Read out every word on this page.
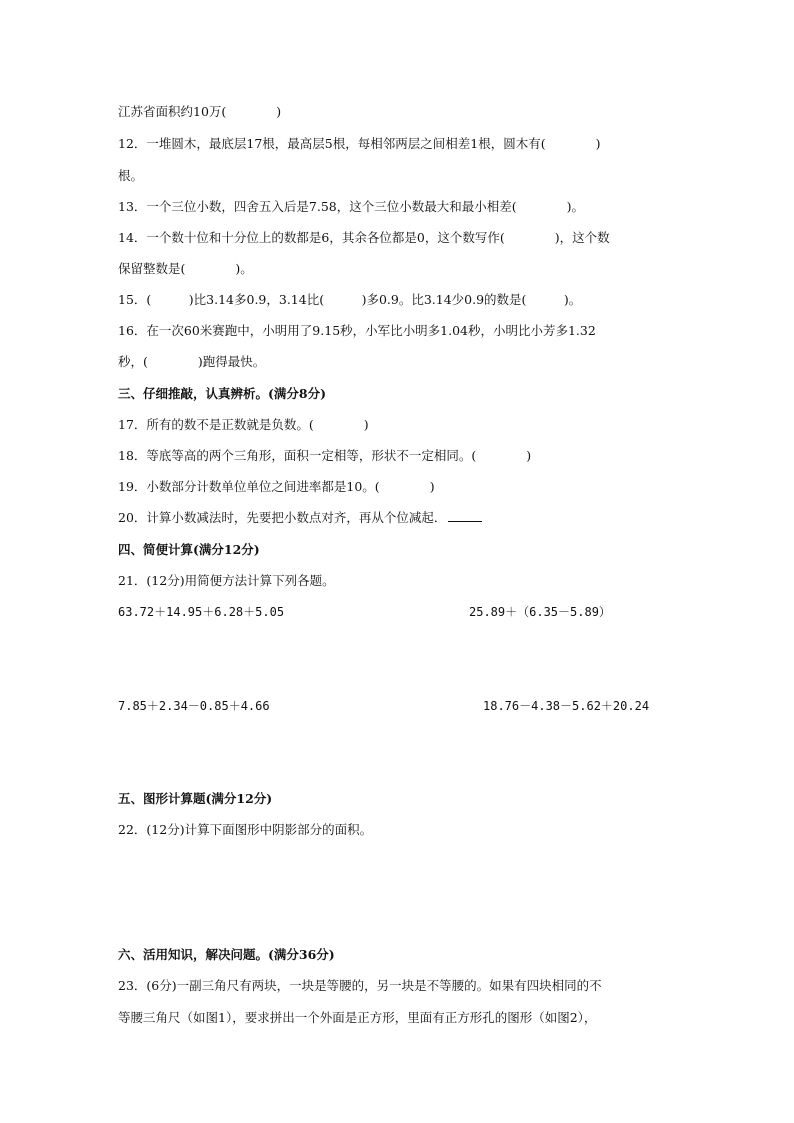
江苏省面积约10万(　　　　)
12．一堆圆木，最底层17根，最高层5根，每相邻两层之间相差1根，圆木有(　　　　)
根。
13．一个三位小数，四舍五入后是7.58，这个三位小数最大和最小相差(　　　　)。
14．一个数十位和十分位上的数都是6，其余各位都是0，这个数写作(　　　　)，这个数
保留整数是(　　　　)。
15．(　　　)比3.14多0.9，3.14比(　　　)多0.9。比3.14少0.9的数是(　　　)。
16．在一次60米赛跑中，小明用了9.15秒，小军比小明多1.04秒，小明比小芳多1.32
秒，(　　　　)跑得最快。
三、仔细推敲，认真辨析。(满分8分)
17．所有的数不是正数就是负数。(　　　　)
18．等底等高的两个三角形，面积一定相等，形状不一定相同。(　　　　)
19．小数部分计数单位单位之间进率都是10。(　　　　)
20．计算小数减法时，先要把小数点对齐，再从个位减起．
四、简便计算(满分12分)
21．(12分)用简便方法计算下列各题。
63.72＋14.95＋6.28＋5.05	25.89＋（6.35－5.89）
7.85＋2.34－0.85＋4.66	18.76－4.38－5.62＋20.24
五、图形计算题(满分12分)
22．(12分)计算下面图形中阴影部分的面积。
六、活用知识，解决问题。(满分36分)
23．(6分)一副三角尺有两块，一块是等腰的，另一块是不等腰的。如果有四块相同的不
等腰三角尺（如图1），要求拼出一个外面是正方形，里面有正方形孔的图形（如图2），
